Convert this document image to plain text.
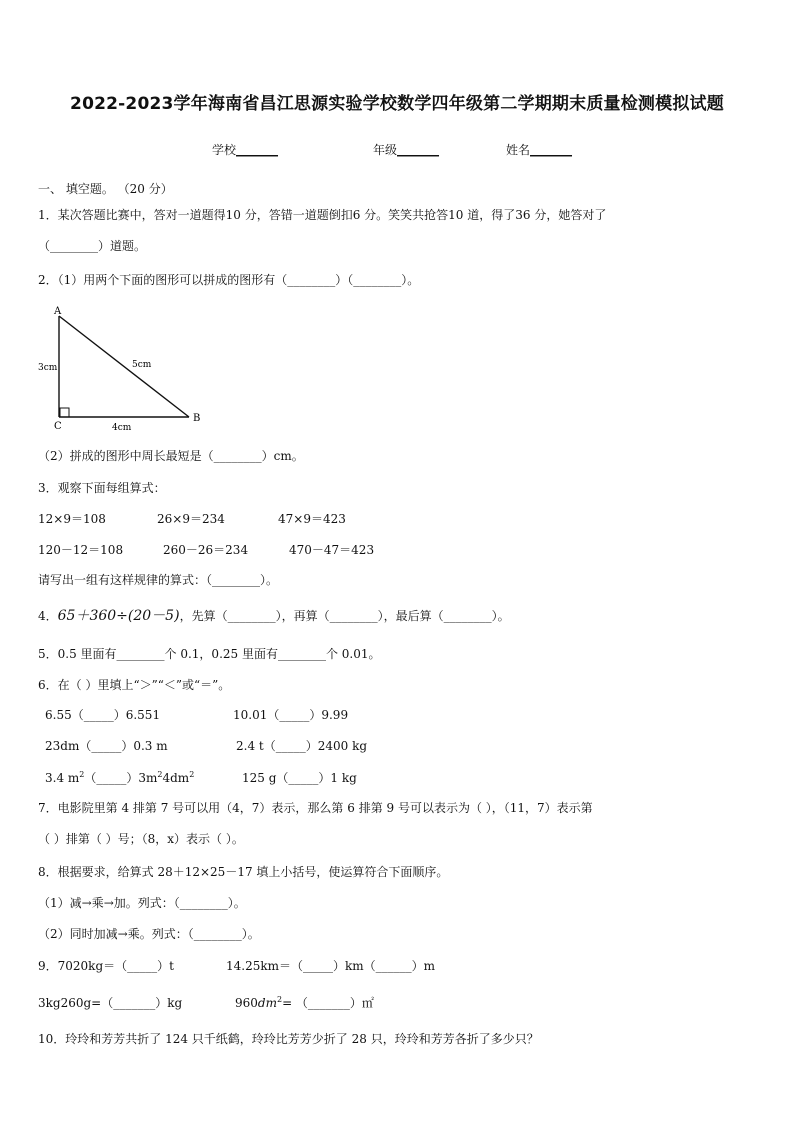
2022-2023学年海南省昌江思源实验学校数学四年级第二学期期末质量检测模拟试题
学校_______	年级_______	姓名_______
一、 填空题。 （20 分）
1．某次答题比赛中，答对一道题得10 分，答错一道题倒扣6 分。笑笑共抢答10 道，得了36 分，她答对了
（________）道题。
2．（1）用两个下面的图形可以拼成的图形有（________）（________）。
A
B
C
3cm
4cm
5cm
（2）拼成的图形中周长最短是（________）cm。
3．观察下面每组算式：
12×9＝108	26×9＝234	47×9＝423
120－12＝108	260－26＝234	470－47＝423
请写出一组有这样规律的算式：（________）。
4．65＋360÷(20－5)，先算（________），再算（________），最后算（________）。
5．0.5 里面有________个 0.1，0.25 里面有________个 0.01。
6．在（ ）里填上“＞”“＜”或“＝”。
6.55（_____）6.551	10.01（_____）9.99
23dm（_____）0.3 m	2.4 t（_____）2400 kg
3.4 $m^2(\_\_\_\_\_)3m^24dm^2$	125 g（_____）1 kg
7．电影院里第 4 排第 7 号可以用（4，7）表示，那么第 6 排第 9 号可以表示为（ ），（11，7）表示第
（ ）排第（ ）号；（8，x）表示（ ）。
8．根据要求，给算式 28＋12×25－17 填上小括号，使运算符合下面顺序。
（1）减→乘→加。列式：（________）。
（2）同时加减→乘。列式：（________）。
9．7020kg＝（_____）t	14.25km＝（_____）km（______）m
3kg260g=（_______）kg	$960dm^2=$ （_______）㎡
10．玲玲和芳芳共折了 124 只千纸鹤，玲玲比芳芳少折了 28 只，玲玲和芳芳各折了多少只？
